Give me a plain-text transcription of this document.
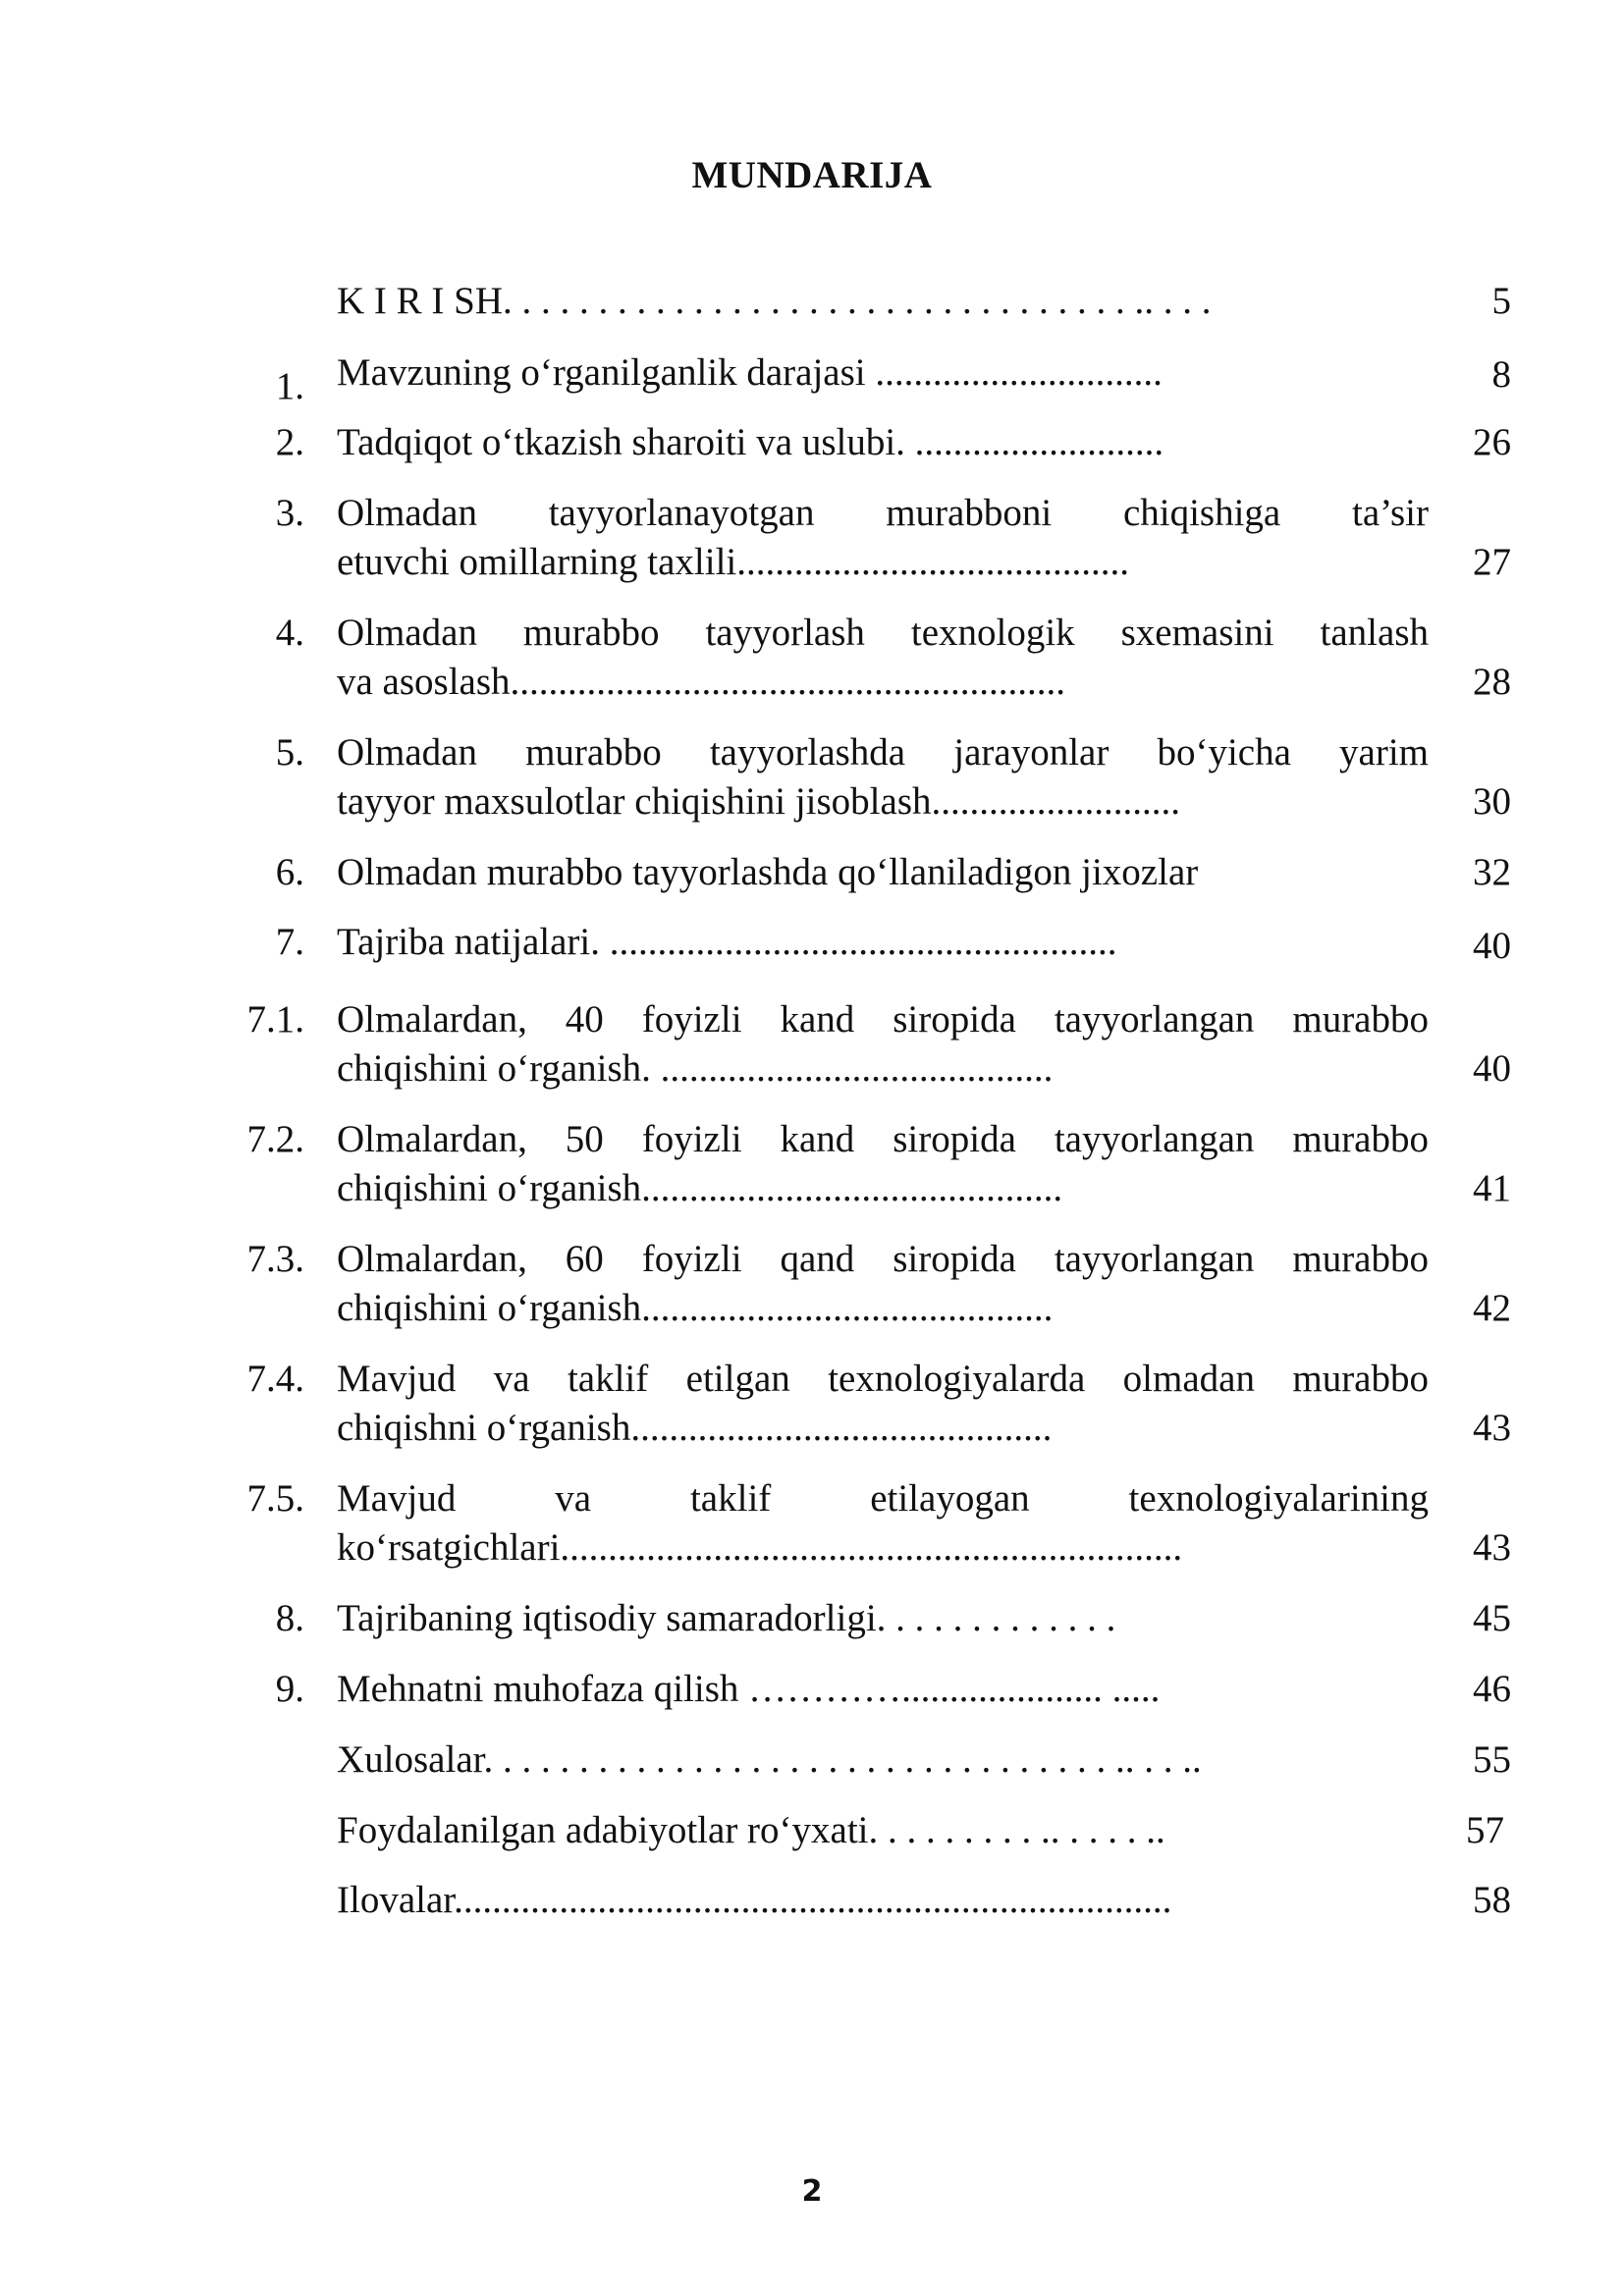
MUNDARIJA
K I R I SH. . . . . . . . . . . . . . . . . . . . . . . . . . . . . . . . . .. . . .	5
1. Mavzuning o‘rganilganlik darajasi ..............................	8
2. Tadqiqot o‘tkazish sharoiti va uslubi. ..........................	26
3. Olmadan tayyorlanayotgan murabboni chiqishiga ta’sir
etuvchi omillarning taxlili.........................................	27
4. Olmadan murabbo tayyorlash texnologik sxemasini tanlash
va asoslash..........................................................	28
5. Olmadan murabbo tayyorlashda jarayonlar bo‘yicha yarim
tayyor maxsulotlar chiqishini jisoblash..........................	30
6. Olmadan murabbo tayyorlashda qo‘llaniladigon jixozlar	32
7. Tajriba natijalari. .....................................................	40
7.1. Olmalardan, 40 foyizli kand siropida tayyorlangan murabbo
chiqishini o‘rganish. .........................................	40
7.2. Olmalardan, 50 foyizli kand siropida tayyorlangan murabbo
chiqishini o‘rganish............................................	41
7.3. Olmalardan, 60 foyizli qand siropida tayyorlangan murabbo
chiqishini o‘rganish...........................................	42
7.4. Mavjud va taklif etilgan texnologiyalarda olmadan murabbo
chiqishni o‘rganish............................................	43
7.5. Mavjud va taklif etilayogan texnologiyalarining
ko‘rsatgichlari.................................................................	43
8. Tajribaning iqtisodiy samaradorligi. . . . . . . . . . . . .	45
9. Mehnatni muhofaza qilish …………..................... .....	46
Xulosalar. . . . . . . . . . . . . . . . . . . . . . . . . . . . . . . . . .. . . ..	55
Foydalanilgan adabiyotlar ro‘yxati. . . . . . . . . .. . . . . ..	57
Ilovalar...........................................................................	58
2
